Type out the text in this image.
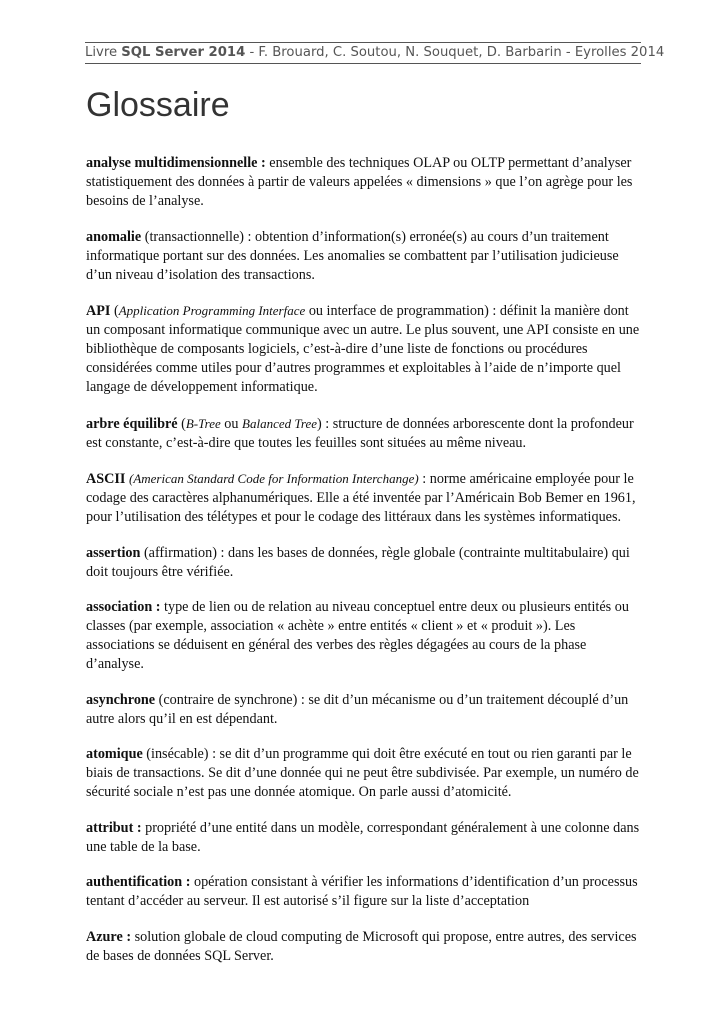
Livre SQL Server 2014 - F. Brouard, C. Soutou, N. Souquet, D. Barbarin - Eyrolles 2014
Glossaire

analyse multidimensionnelle : ensemble des techniques OLAP ou OLTP permettant d’analyser statistiquement des données à partir de valeurs appelées « dimensions » que l’on agrège pour les besoins de l’analyse.

anomalie (transactionnelle) : obtention d’information(s) erronée(s) au cours d’un traitement informatique portant sur des données. Les anomalies se combattent par l’utilisation judicieuse d’un niveau d’isolation des transactions.

API (Application Programming Interface ou interface de programmation) : définit la manière dont un composant informatique communique avec un autre. Le plus souvent, une API consiste en une bibliothèque de composants logiciels, c’est-à-dire d’une liste de fonctions ou procédures considérées comme utiles pour d’autres programmes et exploitables à l’aide de n’importe quel langage de développement informatique.

arbre équilibré (B-Tree ou Balanced Tree) : structure de données arborescente dont la profondeur est constante, c’est-à-dire que toutes les feuilles sont situées au même niveau.

ASCII (American Standard Code for Information Interchange) : norme américaine employée pour le codage des caractères alphanumériques. Elle a été inventée par l’Américain Bob Bemer en 1961, pour l’utilisation des télétypes et pour le codage des littéraux dans les systèmes informatiques.

assertion (affirmation) : dans les bases de données, règle globale (contrainte multitabulaire) qui doit toujours être vérifiée.

association : type de lien ou de relation au niveau conceptuel entre deux ou plusieurs entités ou classes (par exemple, association « achète » entre entités « client » et « produit »). Les associations se déduisent en général des verbes des règles dégagées au cours de la phase d’analyse.

asynchrone (contraire de synchrone) : se dit d’un mécanisme ou d’un traitement découplé d’un autre alors qu’il en est dépendant.

atomique (insécable) : se dit d’un programme qui doit être exécuté en tout ou rien garanti par le biais de transactions. Se dit d’une donnée qui ne peut être subdivisée. Par exemple, un numéro de sécurité sociale n’est pas une donnée atomique. On parle aussi d’atomicité.

attribut : propriété d’une entité dans un modèle, correspondant généralement à une colonne dans une table de la base.

authentification : opération consistant à vérifier les informations d’identification d’un processus tentant d’accéder au serveur. Il est autorisé s’il figure sur la liste d’acceptation

Azure : solution globale de cloud computing de Microsoft qui propose, entre autres, des services de bases de données SQL Server.
